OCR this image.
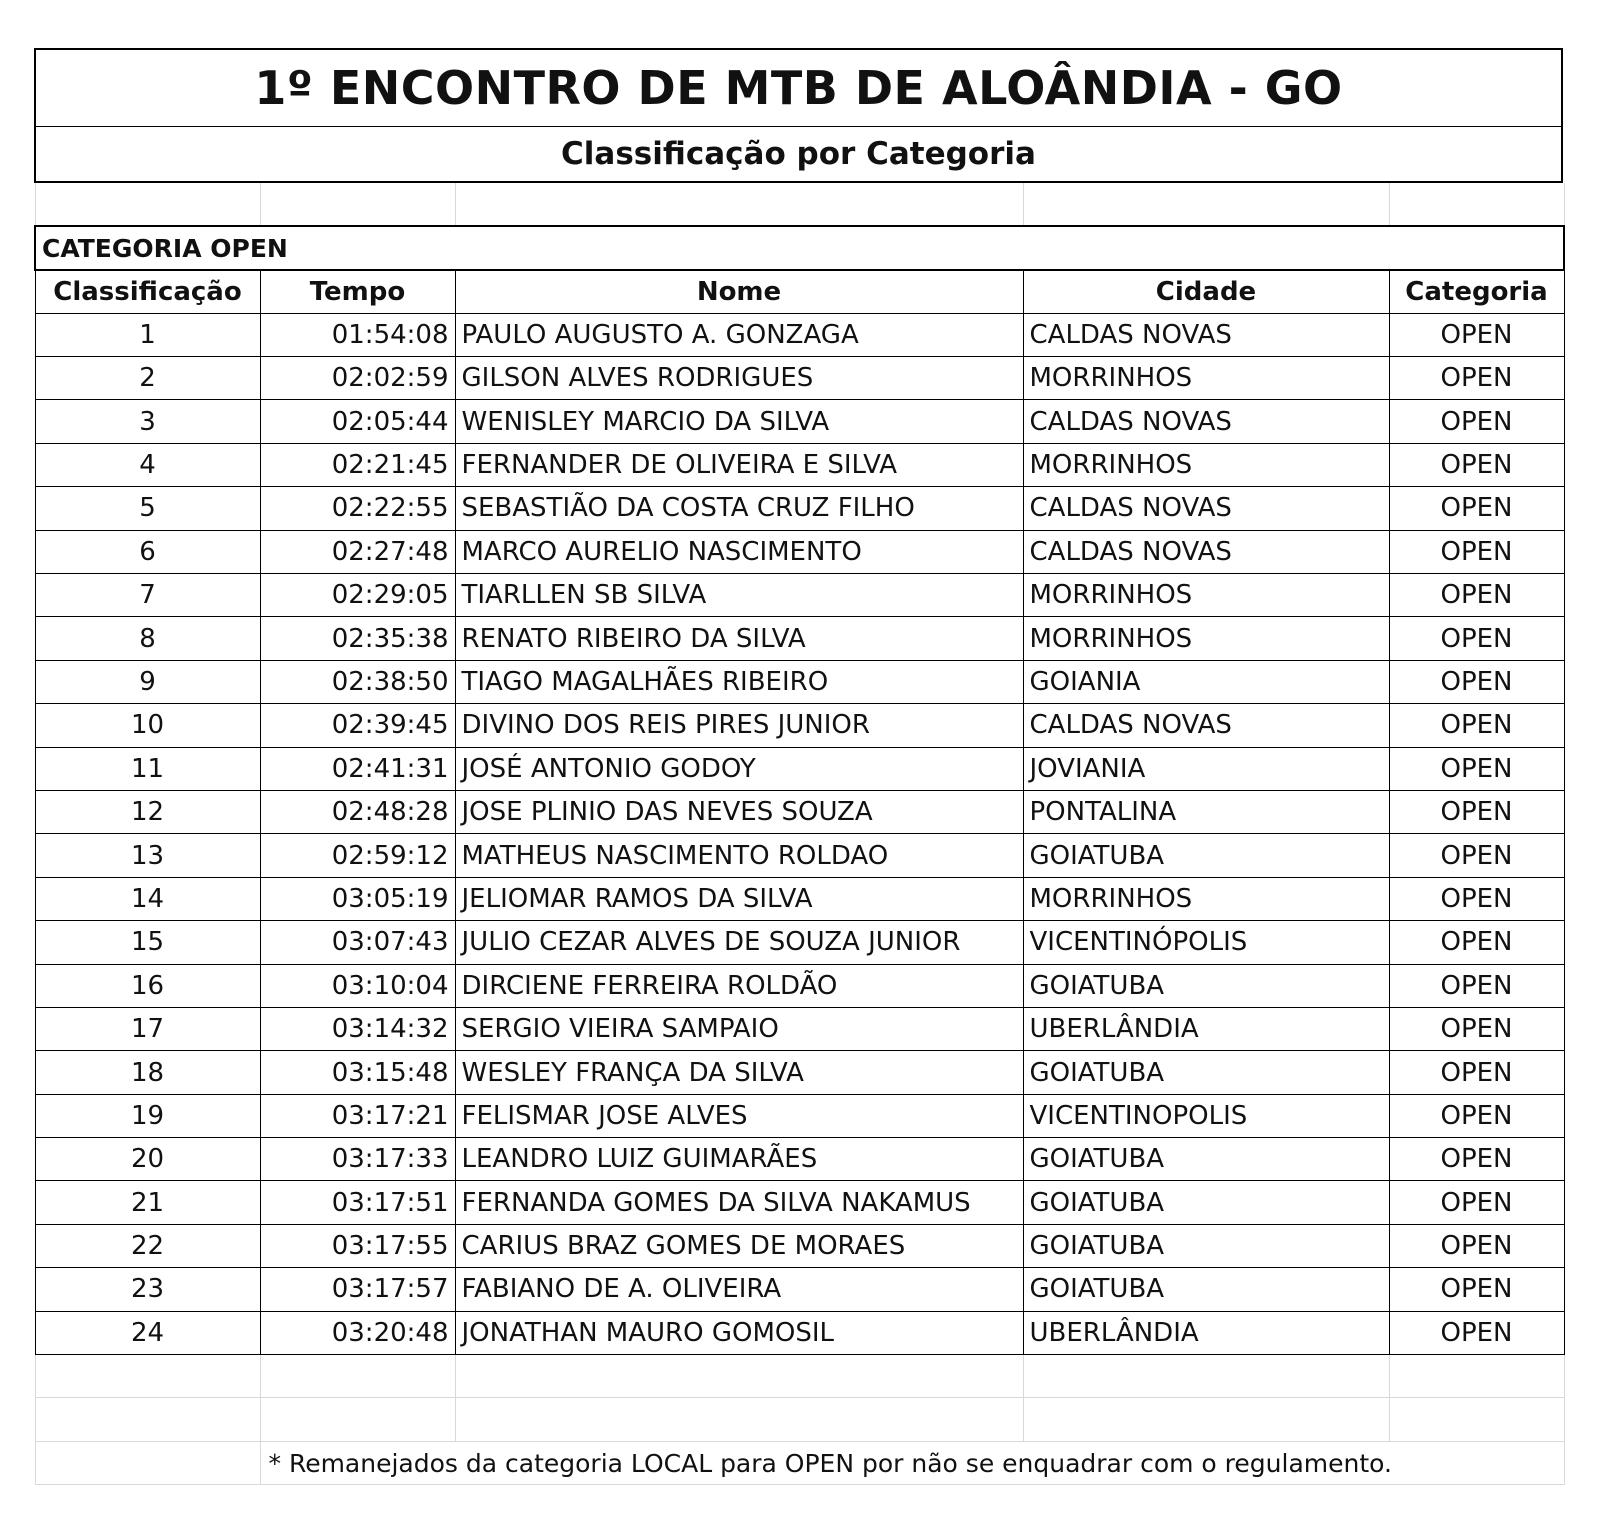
1º ENCONTRO DE MTB DE ALOÂNDIA - GO
Classificação por Categoria

CATEGORIA OPEN				
Classificação	Tempo	Nome	Cidade	Categoria
1	01:54:08	PAULO AUGUSTO A. GONZAGA	CALDAS NOVAS	OPEN
2	02:02:59	GILSON ALVES RODRIGUES	MORRINHOS	OPEN
3	02:05:44	WENISLEY MARCIO DA SILVA	CALDAS NOVAS	OPEN
4	02:21:45	FERNANDER DE OLIVEIRA E SILVA	MORRINHOS	OPEN
5	02:22:55	SEBASTIÃO DA COSTA CRUZ FILHO	CALDAS NOVAS	OPEN
6	02:27:48	MARCO AURELIO NASCIMENTO	CALDAS NOVAS	OPEN
7	02:29:05	TIARLLEN SB SILVA	MORRINHOS	OPEN
8	02:35:38	RENATO RIBEIRO DA SILVA	MORRINHOS	OPEN
9	02:38:50	TIAGO MAGALHÃES RIBEIRO	GOIANIA	OPEN
10	02:39:45	DIVINO DOS REIS PIRES JUNIOR	CALDAS NOVAS	OPEN
11	02:41:31	JOSÉ ANTONIO GODOY	JOVIANIA	OPEN
12	02:48:28	JOSE PLINIO DAS NEVES SOUZA	PONTALINA	OPEN
13	02:59:12	MATHEUS NASCIMENTO ROLDAO	GOIATUBA	OPEN
14	03:05:19	JELIOMAR RAMOS DA SILVA	MORRINHOS	OPEN
15	03:07:43	JULIO CEZAR ALVES DE SOUZA JUNIOR	VICENTINÓPOLIS	OPEN
16	03:10:04	DIRCIENE FERREIRA ROLDÃO	GOIATUBA	OPEN
17	03:14:32	SERGIO VIEIRA SAMPAIO	UBERLÂNDIA	OPEN
18	03:15:48	WESLEY FRANÇA DA SILVA	GOIATUBA	OPEN
19	03:17:21	FELISMAR JOSE ALVES	VICENTINOPOLIS	OPEN
20	03:17:33	LEANDRO LUIZ GUIMARÃES	GOIATUBA	OPEN
21	03:17:51	FERNANDA GOMES DA SILVA NAKAMUS	GOIATUBA	OPEN
22	03:17:55	CARIUS BRAZ GOMES DE MORAES	GOIATUBA	OPEN
23	03:17:57	FABIANO DE A. OLIVEIRA	GOIATUBA	OPEN
24	03:20:48	JONATHAN MAURO GOMOSIL	UBERLÂNDIA	OPEN

	* Remanejados da categoria LOCAL para OPEN por não se enquadrar com o regulamento.			
